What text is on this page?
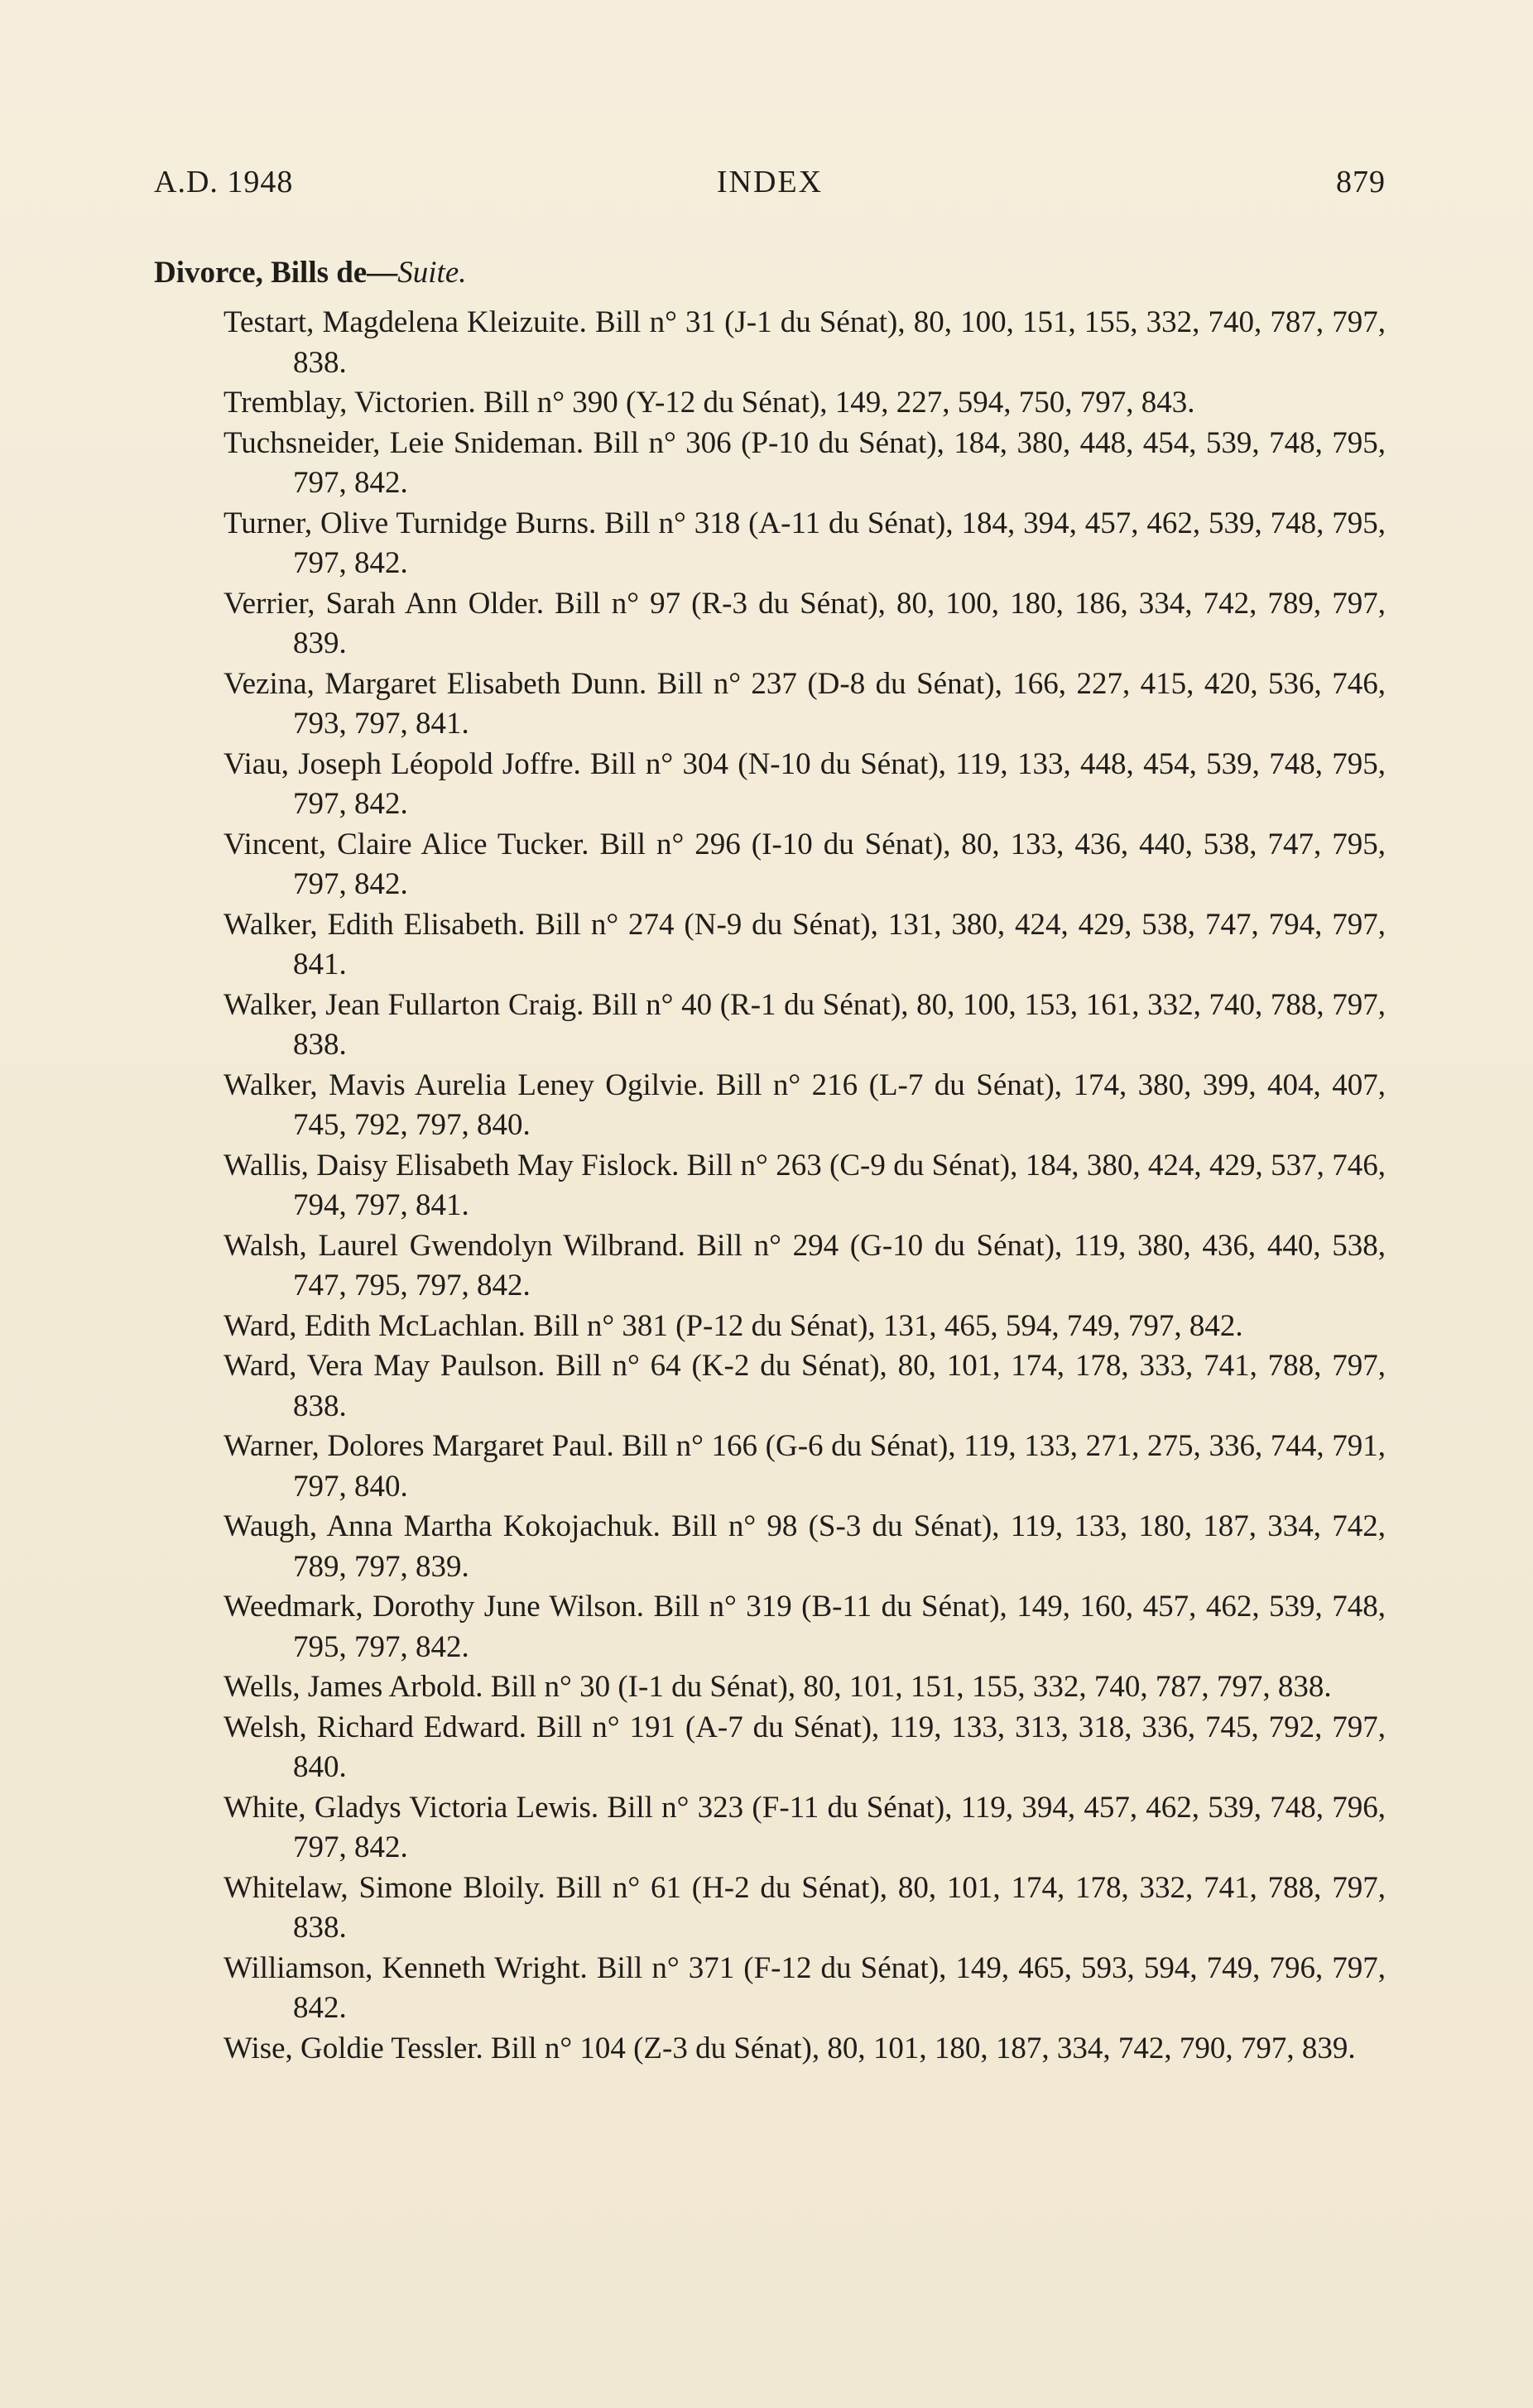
A.D. 1948	INDEX	879
Divorce, Bills de—Suite.

Testart, Magdelena Kleizuite. Bill n° 31 (J-1 du Sénat), 80, 100, 151, 155, 332, 740, 787, 797, 838.

Tremblay, Victorien. Bill n° 390 (Y-12 du Sénat), 149, 227, 594, 750, 797, 843.

Tuchsneider, Leie Snideman. Bill n° 306 (P-10 du Sénat), 184, 380, 448, 454, 539, 748, 795, 797, 842.

Turner, Olive Turnidge Burns. Bill n° 318 (A-11 du Sénat), 184, 394, 457, 462, 539, 748, 795, 797, 842.

Verrier, Sarah Ann Older. Bill n° 97 (R-3 du Sénat), 80, 100, 180, 186, 334, 742, 789, 797, 839.

Vezina, Margaret Elisabeth Dunn. Bill n° 237 (D-8 du Sénat), 166, 227, 415, 420, 536, 746, 793, 797, 841.

Viau, Joseph Léopold Joffre. Bill n° 304 (N-10 du Sénat), 119, 133, 448, 454, 539, 748, 795, 797, 842.

Vincent, Claire Alice Tucker. Bill n° 296 (I-10 du Sénat), 80, 133, 436, 440, 538, 747, 795, 797, 842.

Walker, Edith Elisabeth. Bill n° 274 (N-9 du Sénat), 131, 380, 424, 429, 538, 747, 794, 797, 841.

Walker, Jean Fullarton Craig. Bill n° 40 (R-1 du Sénat), 80, 100, 153, 161, 332, 740, 788, 797, 838.

Walker, Mavis Aurelia Leney Ogilvie. Bill n° 216 (L-7 du Sénat), 174, 380, 399, 404, 407, 745, 792, 797, 840.

Wallis, Daisy Elisabeth May Fislock. Bill n° 263 (C-9 du Sénat), 184, 380, 424, 429, 537, 746, 794, 797, 841.

Walsh, Laurel Gwendolyn Wilbrand. Bill n° 294 (G-10 du Sénat), 119, 380, 436, 440, 538, 747, 795, 797, 842.

Ward, Edith McLachlan. Bill n° 381 (P-12 du Sénat), 131, 465, 594, 749, 797, 842.

Ward, Vera May Paulson. Bill n° 64 (K-2 du Sénat), 80, 101, 174, 178, 333, 741, 788, 797, 838.

Warner, Dolores Margaret Paul. Bill n° 166 (G-6 du Sénat), 119, 133, 271, 275, 336, 744, 791, 797, 840.

Waugh, Anna Martha Kokojachuk. Bill n° 98 (S-3 du Sénat), 119, 133, 180, 187, 334, 742, 789, 797, 839.

Weedmark, Dorothy June Wilson. Bill n° 319 (B-11 du Sénat), 149, 160, 457, 462, 539, 748, 795, 797, 842.

Wells, James Arbold. Bill n° 30 (I-1 du Sénat), 80, 101, 151, 155, 332, 740, 787, 797, 838.

Welsh, Richard Edward. Bill n° 191 (A-7 du Sénat), 119, 133, 313, 318, 336, 745, 792, 797, 840.

White, Gladys Victoria Lewis. Bill n° 323 (F-11 du Sénat), 119, 394, 457, 462, 539, 748, 796, 797, 842.

Whitelaw, Simone Bloily. Bill n° 61 (H-2 du Sénat), 80, 101, 174, 178, 332, 741, 788, 797, 838.

Williamson, Kenneth Wright. Bill n° 371 (F-12 du Sénat), 149, 465, 593, 594, 749, 796, 797, 842.

Wise, Goldie Tessler. Bill n° 104 (Z-3 du Sénat), 80, 101, 180, 187, 334, 742, 790, 797, 839.
